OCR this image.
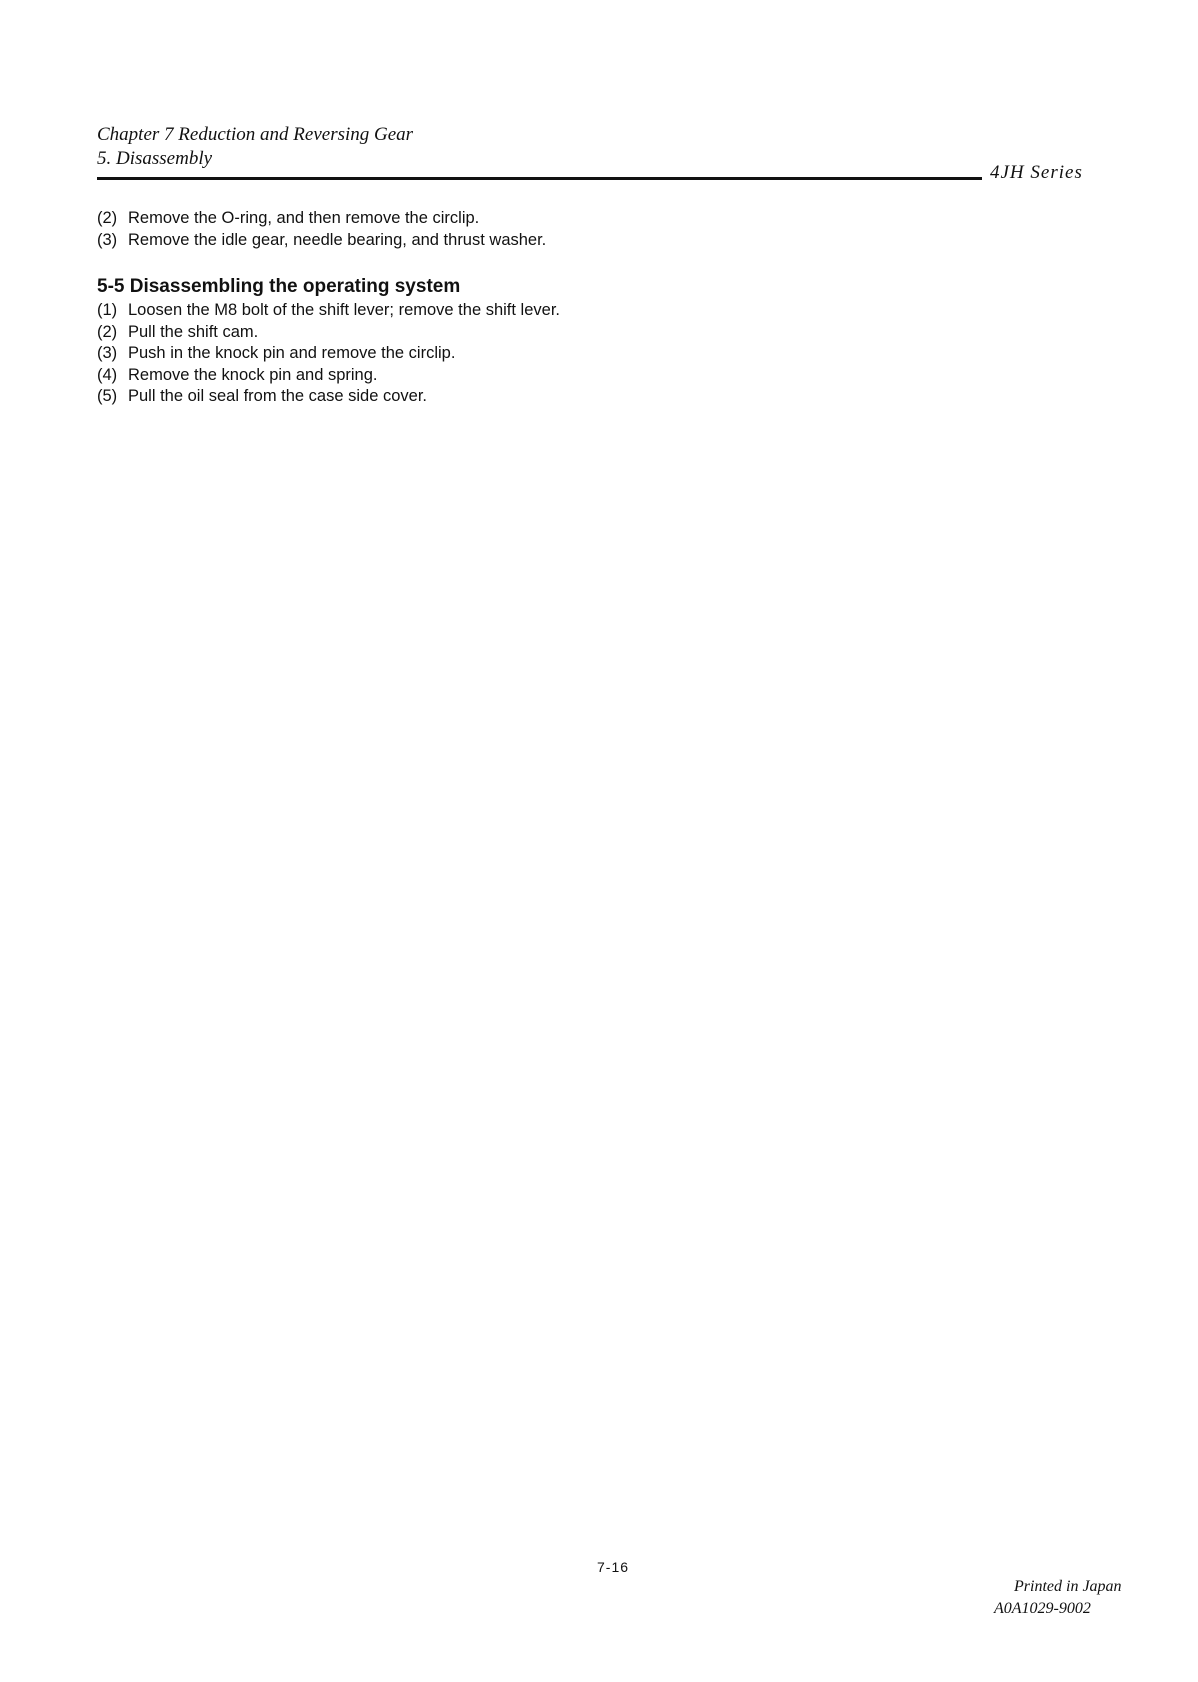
Chapter 7 Reduction and Reversing Gear
5. Disassembly
4JH Series
(2) Remove the O-ring, and then remove the circlip.
(3) Remove the idle gear, needle bearing, and thrust washer.
5-5 Disassembling the operating system
(1) Loosen the M8 bolt of the shift lever; remove the shift lever.
(2) Pull the shift cam.
(3) Push in the knock pin and remove the circlip.
(4) Remove the knock pin and spring.
(5) Pull the oil seal from the case side cover.
7-16
Printed in Japan
A0A1029-9002
